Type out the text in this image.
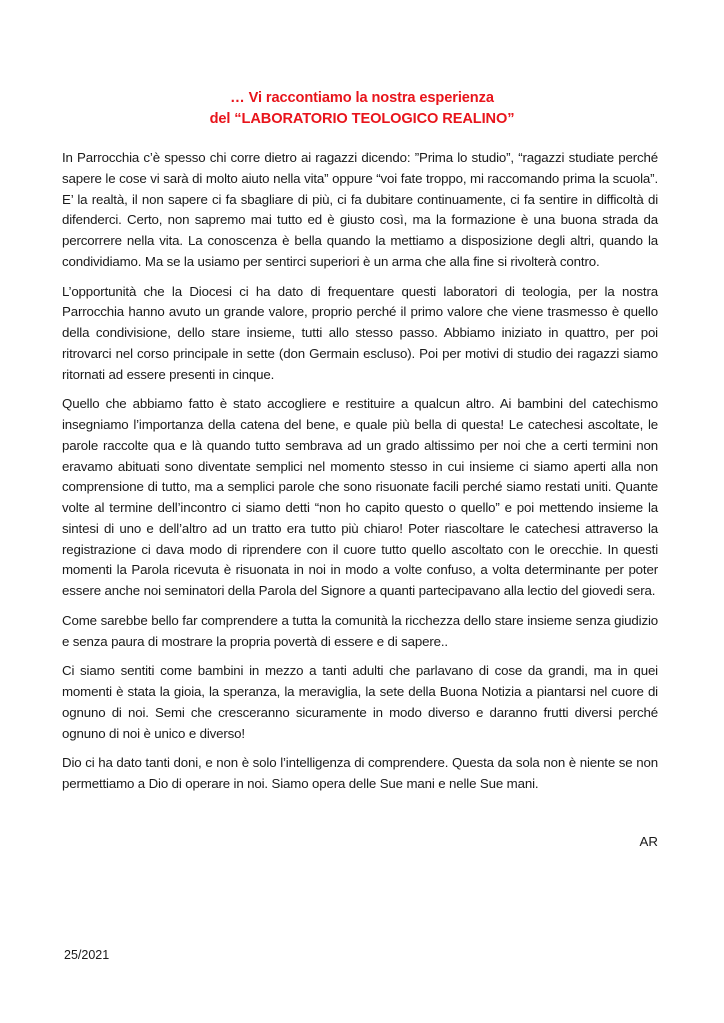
… Vi raccontiamo la nostra esperienza
del “LABORATORIO TEOLOGICO REALINO”

In Parrocchia c’è spesso chi corre dietro ai ragazzi dicendo: ”Prima lo studio”, “ragazzi studiate perché sapere le cose vi sarà di molto aiuto nella vita” oppure “voi fate troppo, mi raccomando prima la scuola”. E’ la realtà, il non sapere ci fa sbagliare di più, ci fa dubitare continuamente, ci fa sentire in difficoltà di difenderci. Certo, non sapremo mai tutto ed è giusto così, ma la formazione è una buona strada da percorrere nella vita. La conoscenza è bella quando la mettiamo a disposizione degli altri, quando la condividiamo. Ma se la usiamo per sentirci superiori è un arma che alla fine si rivolterà contro.

L’opportunità che la Diocesi ci ha dato di frequentare questi laboratori di teologia, per la nostra Parrocchia hanno avuto un grande valore, proprio perché il primo valore che viene trasmesso è quello della condivisione, dello stare insieme, tutti allo stesso passo. Abbiamo iniziato in quattro, per poi ritrovarci nel corso principale in sette (don Germain escluso). Poi per motivi di studio dei ragazzi siamo ritornati ad essere presenti in cinque.

Quello che abbiamo fatto è stato accogliere e restituire a qualcun altro. Ai bambini del catechismo insegniamo l’importanza della catena del bene, e quale più bella di questa! Le catechesi ascoltate, le parole raccolte qua e là quando tutto sembrava ad un grado altissimo per noi che a certi termini non eravamo abituati sono diventate semplici nel momento stesso in cui insieme ci siamo aperti alla non comprensione di tutto, ma a semplici parole che sono risuonate facili perché siamo restati uniti. Quante volte al termine dell’incontro ci siamo detti “non ho capito questo o quello” e poi mettendo insieme la sintesi di uno e dell’altro ad un tratto era tutto più chiaro! Poter riascoltare le catechesi attraverso la registrazione ci dava modo di riprendere con il cuore tutto quello ascoltato con le orecchie. In questi momenti la Parola ricevuta è risuonata in noi in modo a volte confuso, a volta determinante per poter essere anche noi seminatori della Parola del Signore a quanti partecipavano alla lectio del giovedi sera.

Come sarebbe bello far comprendere a tutta la comunità la ricchezza dello stare insieme senza giudizio e senza paura di mostrare la propria povertà di essere e di sapere..

Ci siamo sentiti come bambini in mezzo a tanti adulti che parlavano di cose da grandi, ma in quei momenti è stata la gioia, la speranza, la meraviglia, la sete della Buona Notizia a piantarsi nel cuore di ognuno di noi. Semi che cresceranno sicuramente in modo diverso e daranno frutti diversi perché ognuno di noi è unico e diverso!

Dio ci ha dato tanti doni, e non è solo l’intelligenza di comprendere. Questa da sola non è niente se non permettiamo a Dio di operare in noi. Siamo opera delle Sue mani e nelle Sue mani.

AR
25/2021
